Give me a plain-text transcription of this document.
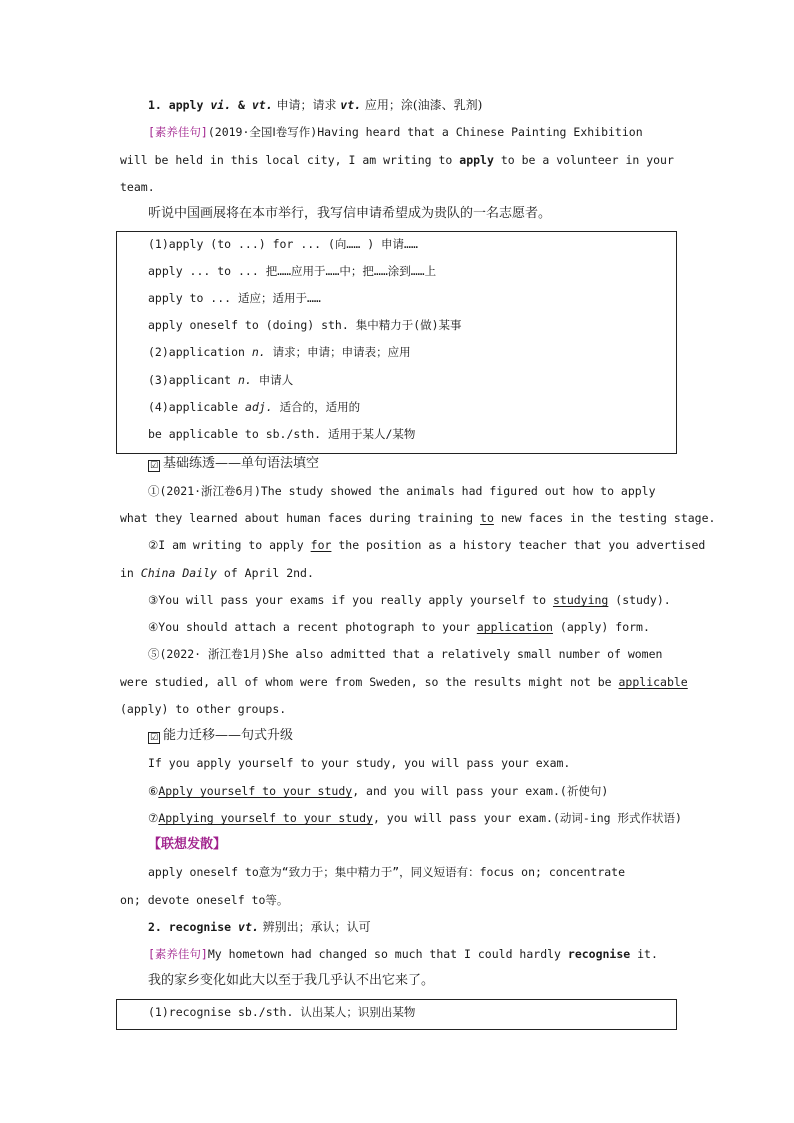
1. apply vi. & vt. 申请；请求 vt. 应用；涂(油漆、乳剂)
[素养佳句](2019·全国Ⅰ卷写作)Having heard that a Chinese Painting Exhibition
will be held in this local city, I am writing to apply to be a volunteer in your
team.
听说中国画展将在本市举行，我写信申请希望成为贵队的一名志愿者。
(1)apply (to ...) for ... (向…… ) 申请……
apply ... to ... 把……应用于……中；把……涂到……上
apply to ... 适应；适用于……
apply oneself to (doing) sth. 集中精力于(做)某事
(2)application n. 请求；申请；申请表；应用
(3)applicant n. 申请人
(4)applicable adj. 适合的，适用的
be applicable to sb./sth. 适用于某人/某物
☑ 基础练透——单句语法填空
①(2021·浙江卷6月)The study showed the animals had figured out how to apply
what they learned about human faces during training to new faces in the testing stage.
②I am writing to apply for the position as a history teacher that you advertised
in China Daily of April 2nd.
③You will pass your exams if you really apply yourself to studying (study).
④You should attach a recent photograph to your application (apply) form.
⑤(2022· 浙江卷1月)She also admitted that a relatively small number of women
were studied, all of whom were from Sweden, so the results might not be applicable
(apply) to other groups.
☑ 能力迁移——句式升级
If you apply yourself to your study, you will pass your exam.
⑥Apply yourself to your study, and you will pass your exam.(祈使句)
⑦Applying yourself to your study, you will pass your exam.(动词-ing 形式作状语)
【联想发散】
apply oneself to意为“致力于；集中精力于”，同义短语有：focus on; concentrate
on; devote oneself to等。
2. recognise vt. 辨别出；承认；认可
[素养佳句]My hometown had changed so much that I could hardly recognise it.
我的家乡变化如此大以至于我几乎认不出它来了。
(1)recognise sb./sth. 认出某人；识别出某物
